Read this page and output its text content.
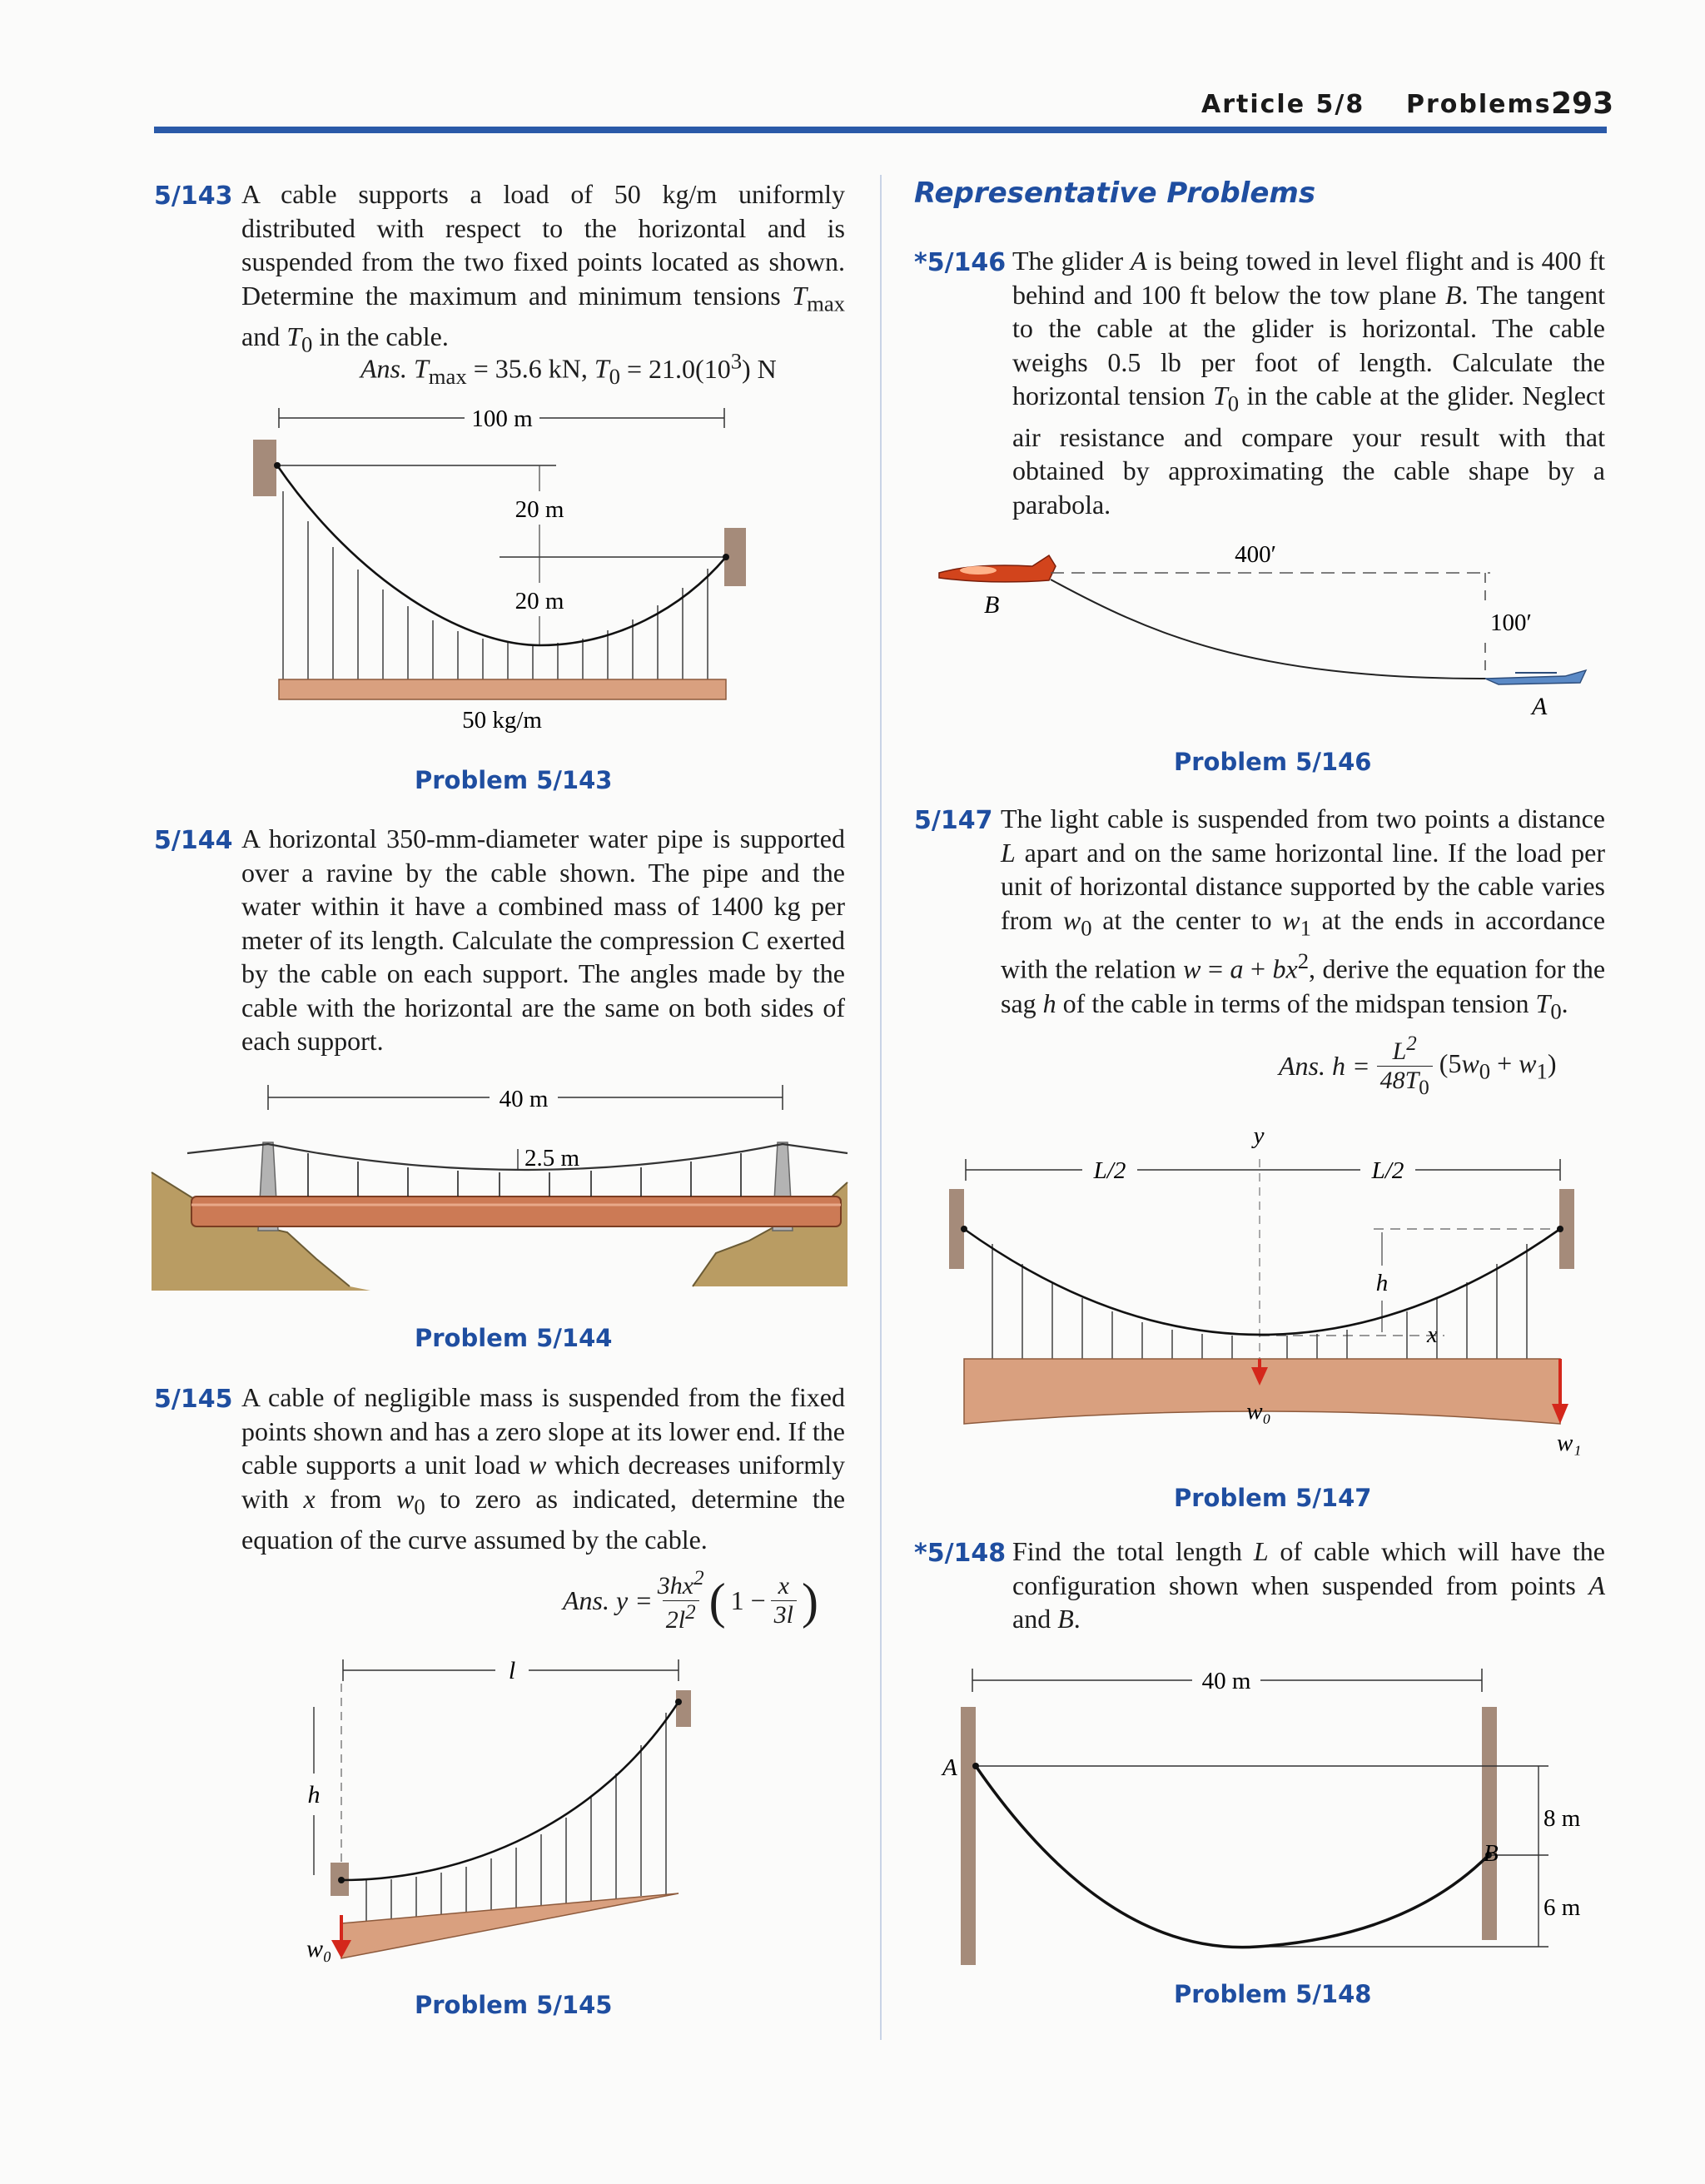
Article 5/8 Problems 293
5/143 A cable supports a load of 50 kg/m uniformly distributed with respect to the horizontal and is suspended from the two fixed points located as shown. Determine the maximum and minimum tensions $T_{max}$ and $T_0$ in the cable.
Ans. $T_{max} = 35.6$ kN, $T_0 = 21.0(10^3)$ N
100 m
20 m
20 m
50 kg/m
Problem 5/143
5/144 A horizontal 350-mm-diameter water pipe is supported over a ravine by the cable shown. The pipe and the water within it have a combined mass of 1400 kg per meter of its length. Calculate the compression C exerted by the cable on each support. The angles made by the cable with the horizontal are the same on both sides of each support.
40 m
2.5 m
Problem 5/144
5/145 A cable of negligible mass is suspended from the fixed points shown and has a zero slope at its lower end. If the cable supports a unit load w which decreases uniformly with x from $w_0$ to zero as indicated, determine the equation of the curve assumed by the cable.
Ans. $y = \frac{3hx^2}{2l^2}$ ( $1 - \frac{x}{3l}$ )
l
h
w₀
Problem 5/145
Representative Problems
*5/146 The glider A is being towed in level flight and is 400 ft behind and 100 ft below the tow plane B. The tangent to the cable at the glider is horizontal. The cable weighs 0.5 lb per foot of length. Calculate the horizontal tension $T_0$ in the cable at the glider. Neglect air resistance and compare your result with that obtained by approximating the cable shape by a parabola.
400′
B
100′
A
Problem 5/146
5/147 The light cable is suspended from two points a distance L apart and on the same horizontal line. If the load per unit of horizontal distance supported by the cable varies from $w_0$ at the center to $w_1$ at the ends in accordance with the relation $w = a + bx^2$, derive the equation for the sag h of the cable in terms of the midspan tension $T_0$.
Ans. $h = \frac{L^2}{48T_0} (5w_0 + w_1)$
L/2	L/2
y
h
x
w₀
w₁
Problem 5/147
*5/148 Find the total length L of cable which will have the configuration shown when suspended from points A and B.
40 m
8 m
6 m
A
B
Problem 5/148
